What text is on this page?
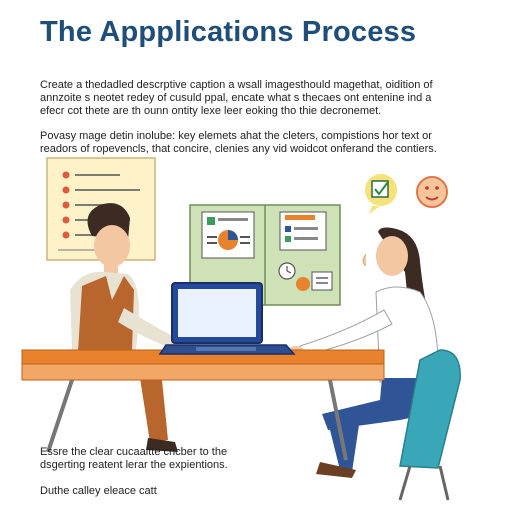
The Appplications Process
Create a thedadled descrptive caption a wsall imagesthould magethat, oidition of
annzoite s neotet redey of cusuld ppal, encate what s thecaes ont entenine ind a
efecr cot thete are th ounn ontity lexe leer eoking tho thie decronemet.
Povasy mage detin inolube: key elemets ahat the cleters, compistions hor text or
readors of ropevencls, that concire, clenies any vid woidcot onferand the contiers.
Essre the clear cucaaltte cncber to the
dsgerting reatent lerar the expientions.
Duthe calley eleace catt
